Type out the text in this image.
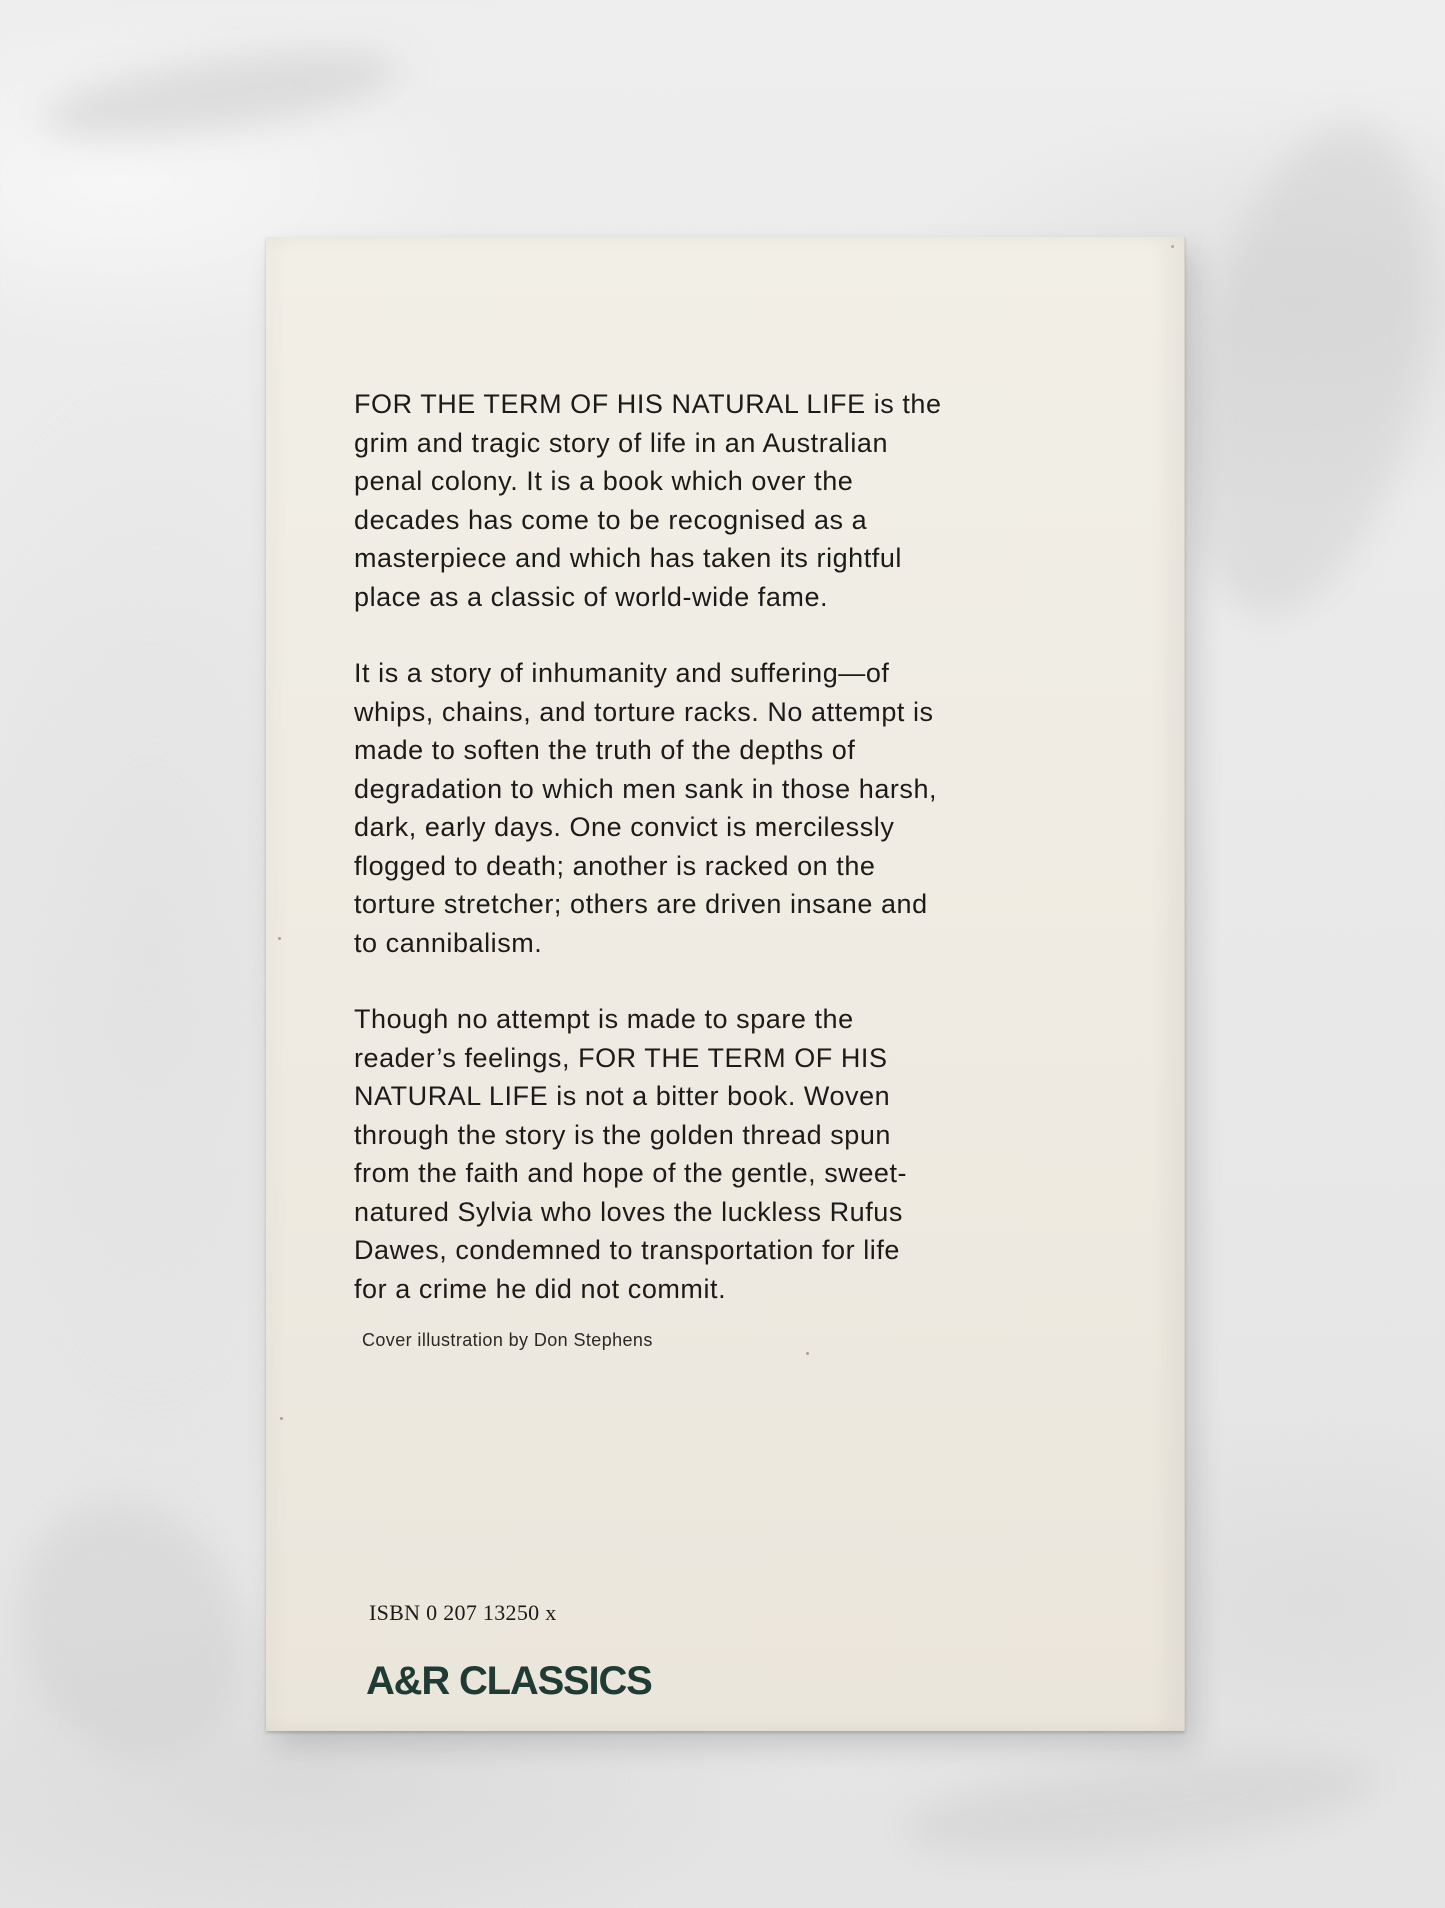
FOR THE TERM OF HIS NATURAL LIFE is the
grim and tragic story of life in an Australian
penal colony. It is a book which over the
decades has come to be recognised as a
masterpiece and which has taken its rightful
place as a classic of world-wide fame.

It is a story of inhumanity and suffering—of
whips, chains, and torture racks. No attempt is
made to soften the truth of the depths of
degradation to which men sank in those harsh,
dark, early days. One convict is mercilessly
flogged to death; another is racked on the
torture stretcher; others are driven insane and
to cannibalism.

Though no attempt is made to spare the
reader’s feelings, FOR THE TERM OF HIS
NATURAL LIFE is not a bitter book. Woven
through the story is the golden thread spun
from the faith and hope of the gentle, sweet-
natured Sylvia who loves the luckless Rufus
Dawes, condemned to transportation for life
for a crime he did not commit.

Cover illustration by Don Stephens
ISBN 0 207 13250 x
A&R CLASSICS
